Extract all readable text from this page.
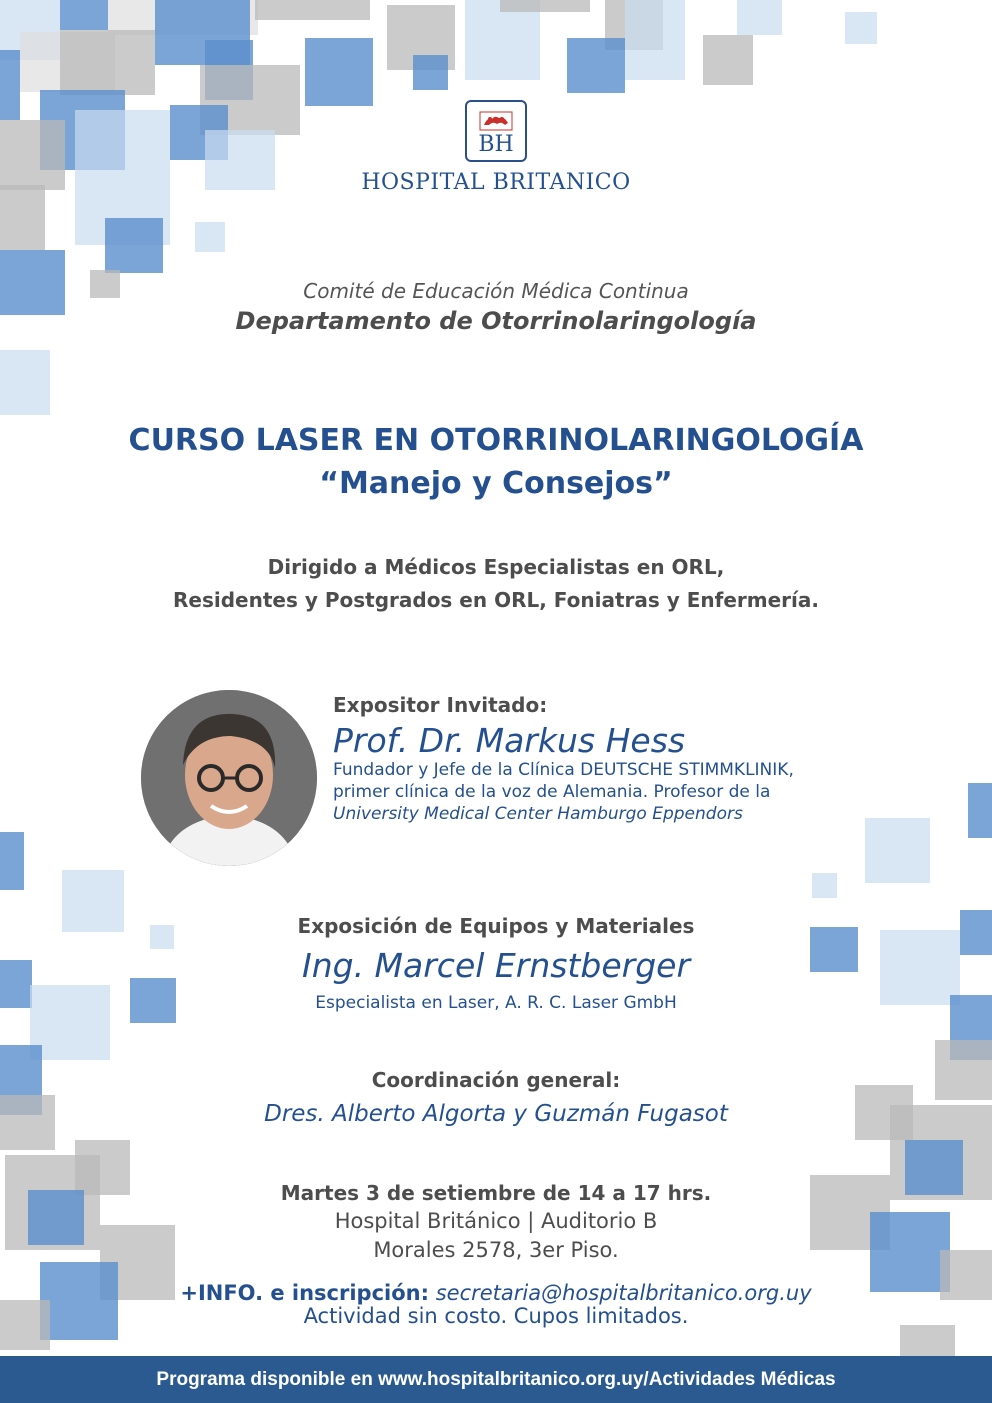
BH
HOSPITAL BRITANICO
Comité de Educación Médica Continua
Departamento de Otorrinolaringología
CURSO LASER EN OTORRINOLARINGOLOGÍA
“Manejo y Consejos”
Dirigido a Médicos Especialistas en ORL,
Residentes y Postgrados en ORL, Foniatras y Enfermería.
Expositor Invitado:
Prof. Dr. Markus Hess
Fundador y Jefe de la Clínica DEUTSCHE STIMMKLINIK,
primer clínica de la voz de Alemania. Profesor de la
University Medical Center Hamburgo Eppendors
Exposición de Equipos y Materiales
Ing. Marcel Ernstberger
Especialista en Laser, A. R. C. Laser GmbH
Coordinación general:
Dres. Alberto Algorta y Guzmán Fugasot
Martes 3 de setiembre de 14 a 17 hrs.
Hospital Británico | Auditorio B
Morales 2578, 3er Piso.
+INFO. e inscripción: secretaria@hospitalbritanico.org.uy
Actividad sin costo. Cupos limitados.
Programa disponible en www.hospitalbritanico.org.uy/Actividades Médicas
